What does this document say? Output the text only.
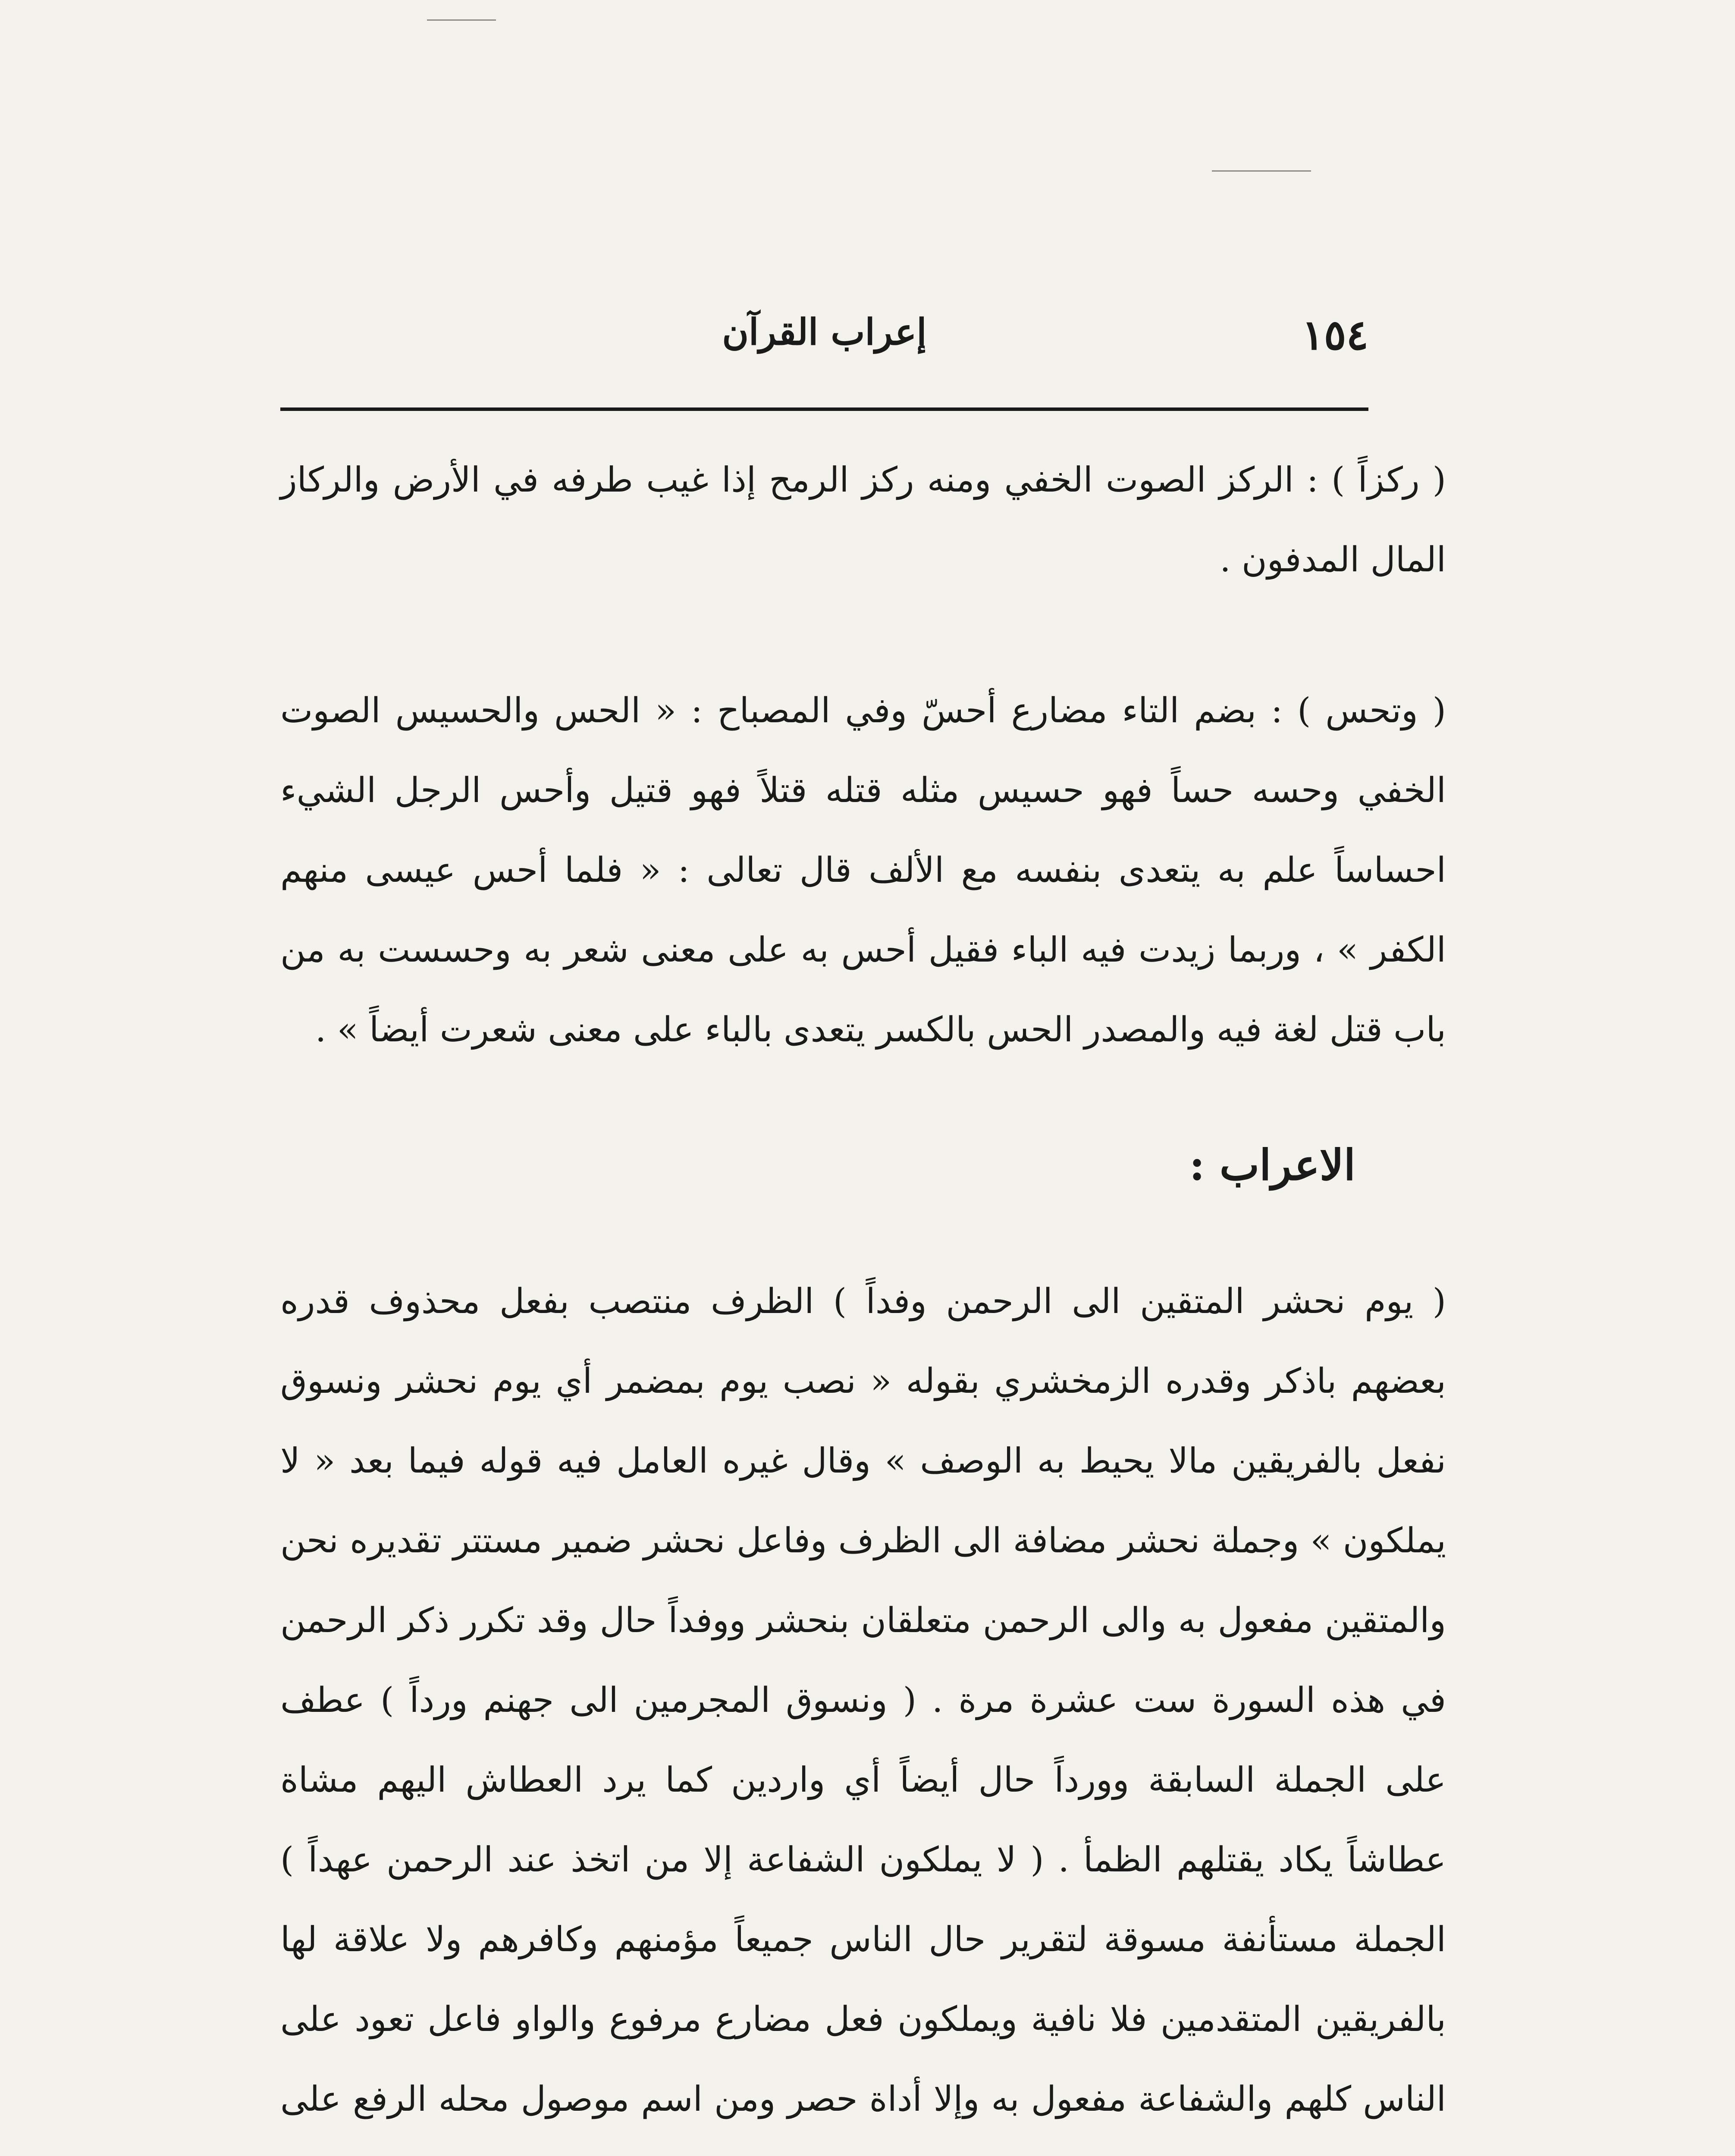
١٥٤
إعراب القرآن

( ركزاً ) : الركز الصوت الخفي ومنه ركز الرمح إذا غيب طرفه في الأرض والركاز المال المدفون .

( وتحس ) : بضم التاء مضارع أحسّ وفي المصباح : « الحس والحسيس الصوت الخفي وحسه حساً فهو حسيس مثله قتله قتلاً فهو قتيل وأحس الرجل الشيء احساساً علم به يتعدى بنفسه مع الألف قال تعالى : « فلما أحس عيسى منهم الكفر » ، وربما زيدت فيه الباء فقيل أحس به على معنى شعر به وحسست به من باب قتل لغة فيه والمصدر الحس بالكسر يتعدى بالباء على معنى شعرت أيضاً » .

الاعراب :

( يوم نحشر المتقين الى الرحمن وفداً ) الظرف منتصب بفعل محذوف قدره بعضهم باذكر وقدره الزمخشري بقوله « نصب يوم بمضمر أي يوم نحشر ونسوق نفعل بالفريقين مالا يحيط به الوصف » وقال غيره العامل فيه قوله فيما بعد « لا يملكون » وجملة نحشر مضافة الى الظرف وفاعل نحشر ضمير مستتر تقديره نحن والمتقين مفعول به والى الرحمن متعلقان بنحشر ووفداً حال وقد تكرر ذكر الرحمن في هذه السورة ست عشرة مرة . ( ونسوق المجرمين الى جهنم ورداً ) عطف على الجملة السابقة وورداً حال أيضاً أي واردين كما يرد العطاش اليهم مشاة عطاشاً يكاد يقتلهم الظمأ . ( لا يملكون الشفاعة إلا من اتخذ عند الرحمن عهداً ) الجملة مستأنفة مسوقة لتقرير حال الناس جميعاً مؤمنهم وكافرهم ولا علاقة لها بالفريقين المتقدمين فلا نافية ويملكون فعل مضارع مرفوع والواو فاعل تعود على الناس كلهم والشفاعة مفعول به وإلا أداة حصر ومن اسم موصول محله الرفع على
